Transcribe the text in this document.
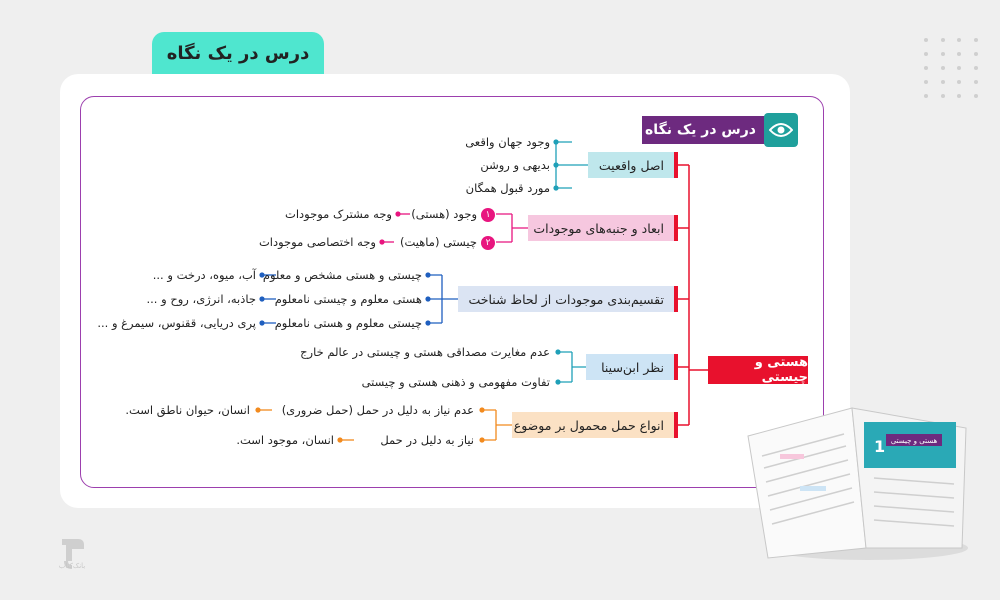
درس در یک نگاه
درس در یک نگاه
هستی و چیستی
اصل واقعیت
ابعاد و جنبه‌های موجودات
تقسیم‌بندی موجودات از لحاظ شناخت
نظر ابن‌سینا
انواع حمل محمول بر موضوع
وجود جهان واقعی
بدیهی و روشن
مورد قبول همگان
۱وجود (هستی)
وجه مشترک موجودات
۲چیستی (ماهیت)
وجه اختصاصی موجودات
چیستی و هستی مشخص و معلوم
آب، میوه، درخت و ...
هستی معلوم و چیستی نامعلوم
جاذبه، انرژی، روح و ...
چیستی معلوم و هستی نامعلوم
پری دریایی، ققنوس، سیمرغ و ...
عدم مغایرت مصداقی هستی و چیستی در عالم خارج
تفاوت مفهومی و ذهنی هستی و چیستی
عدم نیاز به دلیل در حمل (حمل ضروری)
انسان، حیوان ناطق است.
نیاز به دلیل در حمل
انسان، موجود است.	هستی و چیستی
1
بانک‌کتاب
